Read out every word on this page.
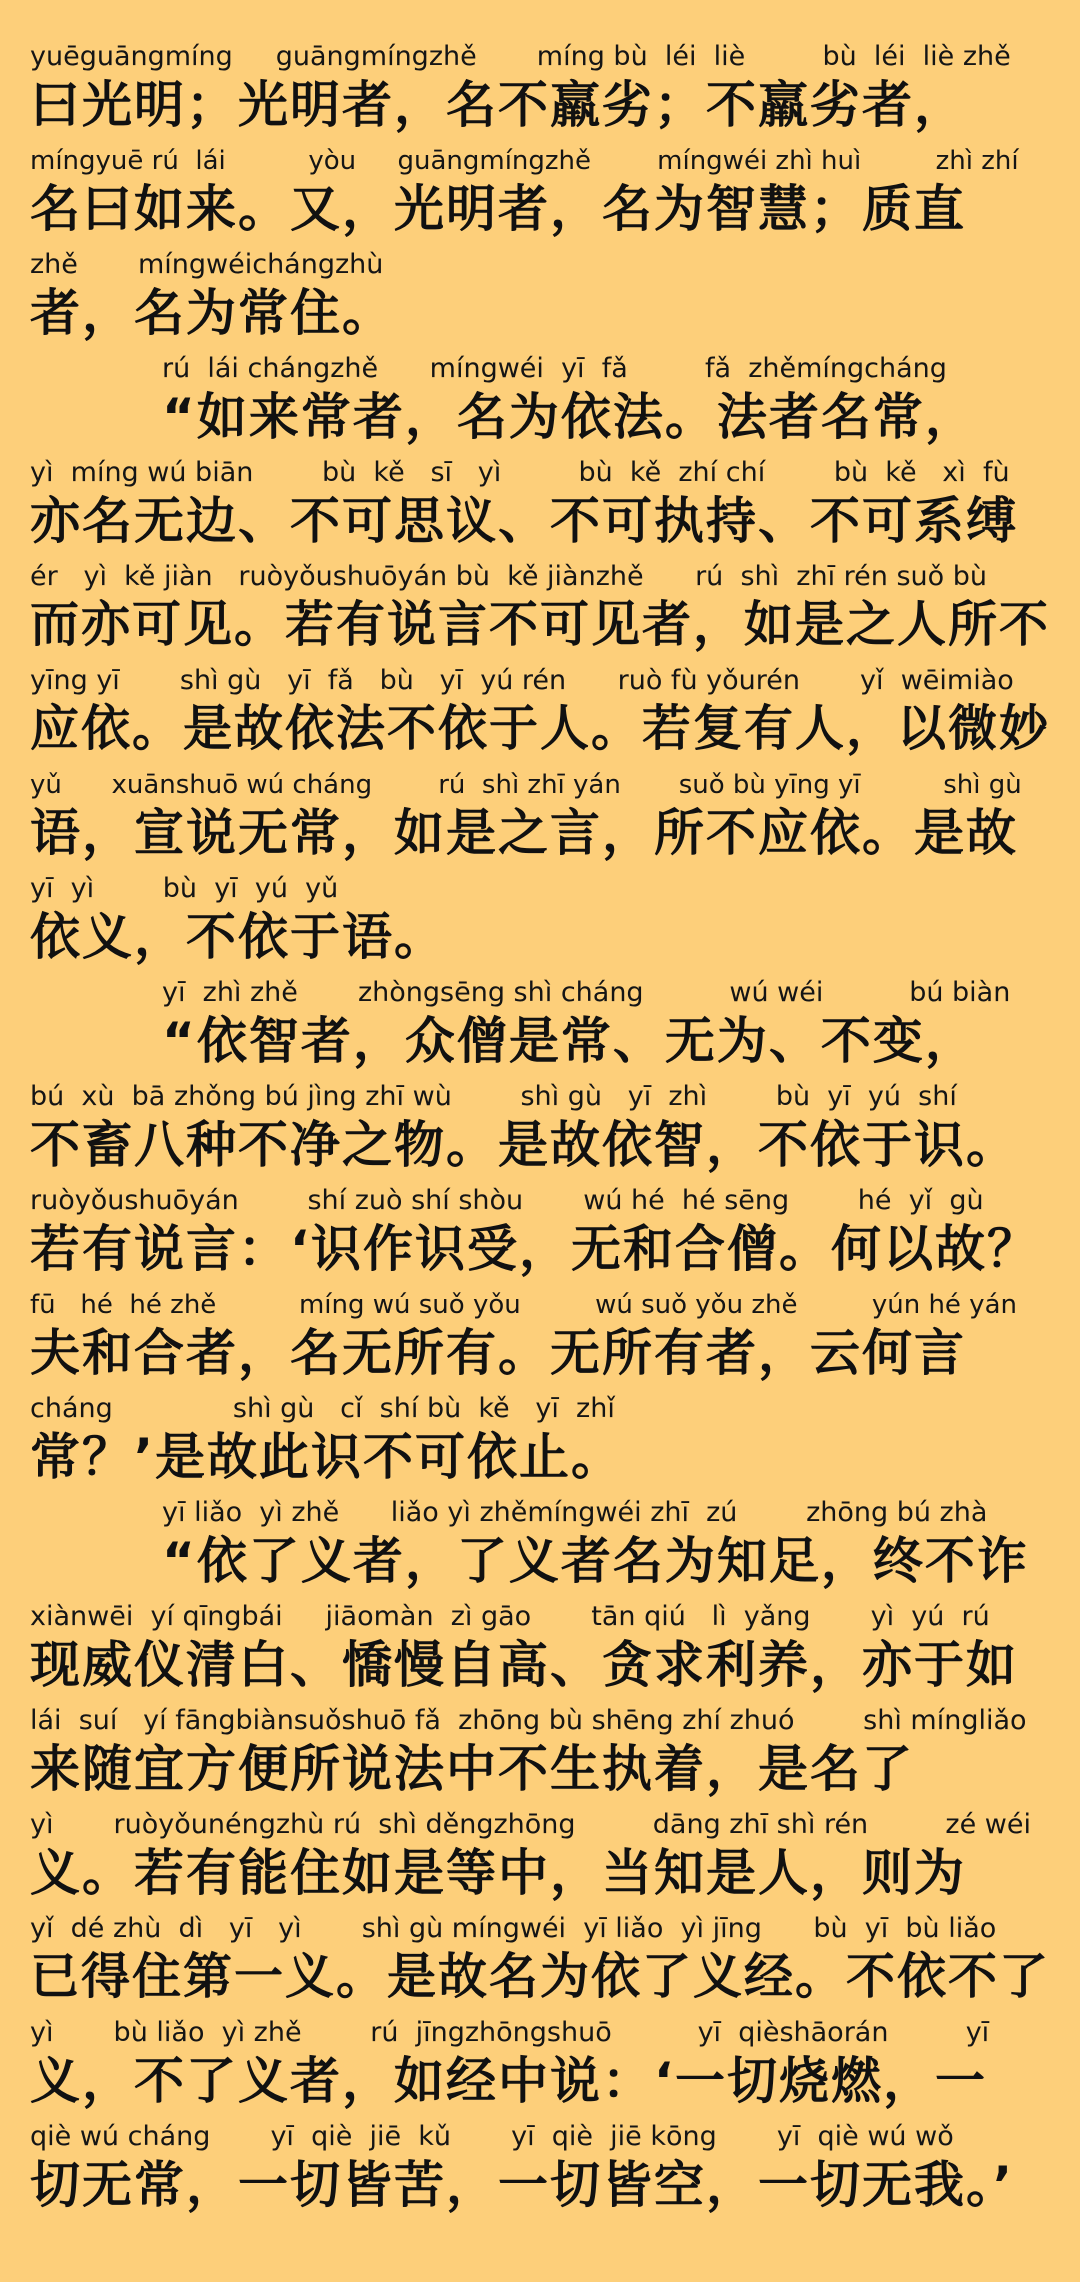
yuēguāngmíng     guāngmíngzhě       míng bù  léi  liè         bù  léi  liè zhě
曰光明；光明者，名不羸劣；不羸劣者，
míngyuē rú  lái          yòu     guāngmíngzhě        míngwéi zhì huì         zhì zhí
名曰如来。又，光明者，名为智慧；质直
zhě       míngwéichángzhù
者，名为常住。
rú  lái chángzhě      míngwéi  yī  fǎ         fǎ  zhěmíngcháng
“如来常者，名为依法。法者名常，
yì  míng wú biān        bù  kě   sī   yì         bù  kě  zhí chí        bù  kě   xì  fù
亦名无边、不可思议、不可执持、不可系缚
ér   yì  kě jiàn   ruòyǒushuōyán bù  kě jiànzhě      rú  shì  zhī rén suǒ bù
而亦可见。若有说言不可见者，如是之人所不
yīng yī       shì gù   yī  fǎ   bù   yī  yú rén      ruò fù yǒurén       yǐ  wēimiào
应依。是故依法不依于人。若复有人，以微妙
yǔ      xuānshuō wú cháng        rú  shì zhī yán       suǒ bù yīng yī          shì gù
语，宣说无常，如是之言，所不应依。是故
yī  yì        bù  yī  yú  yǔ
依义，不依于语。
yī  zhì zhě       zhòngsēng shì cháng          wú wéi          bú biàn
“依智者，众僧是常、无为、不变，
bú  xù  bā zhǒng bú jìng zhī wù        shì gù   yī  zhì        bù  yī  yú  shí
不畜八种不净之物。是故依智，不依于识。
ruòyǒushuōyán        shí zuò shí shòu       wú hé  hé sēng        hé  yǐ  gù
若有说言：‘识作识受，无和合僧。何以故？
fū   hé  hé zhě          míng wú suǒ yǒu         wú suǒ yǒu zhě         yún hé yán
夫和合者，名无所有。无所有者，云何言
cháng              shì gù   cǐ  shí bù  kě   yī  zhǐ
常？’是故此识不可依止。
yī liǎo  yì zhě      liǎo yì zhěmíngwéi zhī  zú        zhōng bú zhà
“依了义者，了义者名为知足，终不诈
xiànwēi  yí qīngbái     jiāomàn  zì gāo       tān qiú   lì  yǎng       yì  yú  rú
现威仪清白、憍慢自高、贪求利养，亦于如
lái  suí   yí fāngbiànsuǒshuō fǎ  zhōng bù shēng zhí zhuó        shì míngliǎo
来随宜方便所说法中不生执着，是名了
yì       ruòyǒunéngzhù rú  shì děngzhōng         dāng zhī shì rén         zé wéi
义。若有能住如是等中，当知是人，则为
yǐ  dé zhù  dì   yī   yì       shì gù míngwéi  yī liǎo  yì jīng      bù  yī  bù liǎo
已得住第一义。是故名为依了义经。不依不了
yì       bù liǎo  yì zhě        rú  jīngzhōngshuō          yī  qièshāorán         yī
义，不了义者，如经中说：‘一切烧燃，一
qiè wú cháng       yī  qiè  jiē  kǔ       yī  qiè  jiē kōng       yī  qiè wú wǒ
切无常，一切皆苦，一切皆空，一切无我。’
